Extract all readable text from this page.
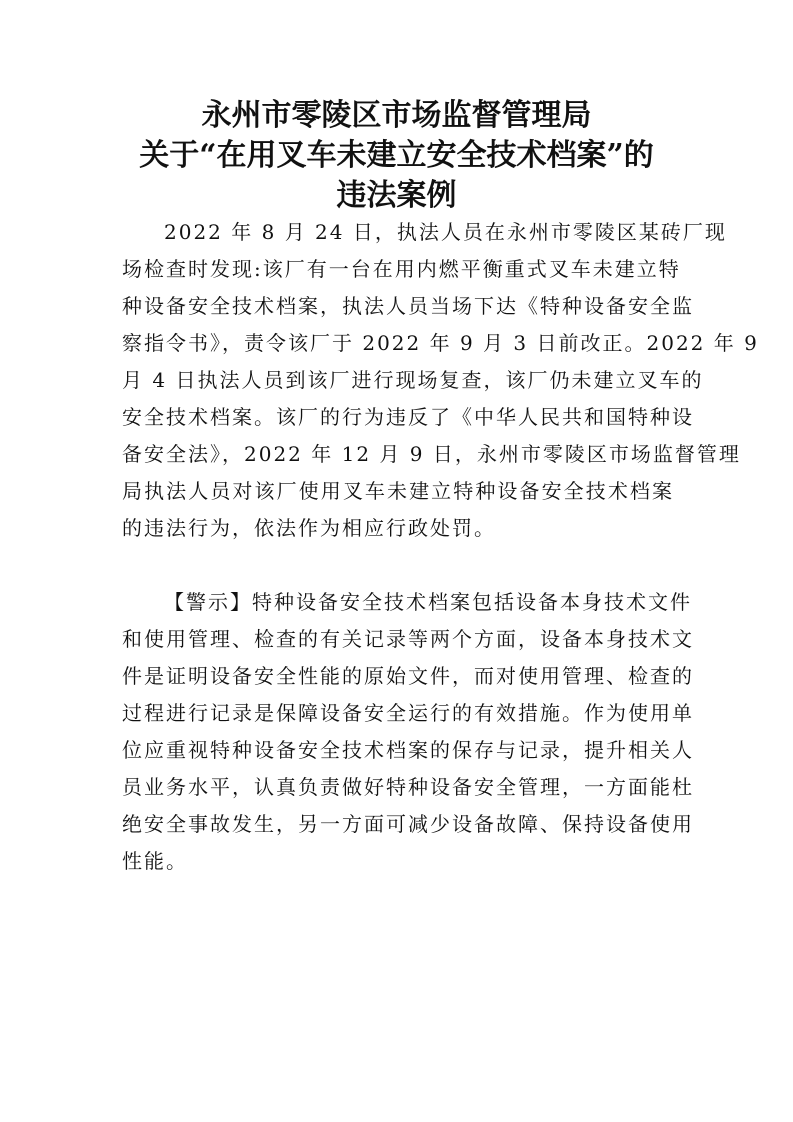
永州市零陵区市场监督管理局
关于“在用叉车未建立安全技术档案”的
违法案例

2022 年 8 月 24 日，执法人员在永州市零陵区某砖厂现
场检查时发现:该厂有一台在用内燃平衡重式叉车未建立特
种设备安全技术档案，执法人员当场下达《特种设备安全监
察指令书》，责令该厂于 2022 年 9 月 3 日前改正。2022 年 9
月 4 日执法人员到该厂进行现场复查，该厂仍未建立叉车的
安全技术档案。该厂的行为违反了《中华人民共和国特种设
备安全法》，2022 年 12 月 9 日，永州市零陵区市场监督管理
局执法人员对该厂使用叉车未建立特种设备安全技术档案
的违法行为，依法作为相应行政处罚。

【警示】特种设备安全技术档案包括设备本身技术文件
和使用管理、检查的有关记录等两个方面，设备本身技术文
件是证明设备安全性能的原始文件，而对使用管理、检查的
过程进行记录是保障设备安全运行的有效措施。作为使用单
位应重视特种设备安全技术档案的保存与记录，提升相关人
员业务水平，认真负责做好特种设备安全管理，一方面能杜
绝安全事故发生，另一方面可减少设备故障、保持设备使用
性能。
